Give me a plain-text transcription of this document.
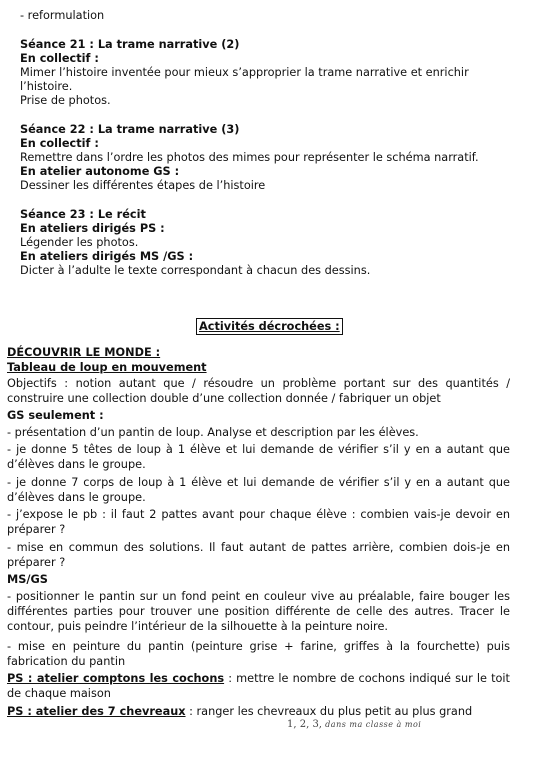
- reformulation
Séance 21 : La trame narrative (2)
En collectif :
Mimer l’histoire inventée pour mieux s’approprier la trame narrative et enrichir
l’histoire.
Prise de photos.
Séance 22 : La trame narrative (3)
En collectif :
Remettre dans l’ordre les photos des mimes pour représenter le schéma narratif.
En atelier autonome GS :
Dessiner les différentes étapes de l’histoire
Séance 23 : Le récit
En ateliers dirigés PS :
Légender les photos.
En ateliers dirigés MS /GS :
Dicter à l’adulte le texte correspondant à chacun des dessins.
Activités décrochées :
DÉCOUVRIR LE MONDE :
Tableau de loup en mouvement
Objectifs : notion autant que / résoudre un problème portant sur des quantités / construire une collection double d’une collection donnée / fabriquer un objet
GS seulement :
- présentation d’un pantin de loup. Analyse et description par les élèves.
- je donne 5 têtes de loup à 1 élève et lui demande de vérifier s’il y en a autant que d’élèves dans le groupe.
- je donne 7 corps de loup à 1 élève et lui demande de vérifier s’il y en a autant que d’élèves dans le groupe.
- j’expose le pb : il faut 2 pattes avant pour chaque élève : combien vais-je devoir en préparer ?
- mise en commun des solutions. Il faut autant de pattes arrière, combien dois-je en préparer ?
MS/GS
- positionner le pantin sur un fond peint en couleur vive au préalable, faire bouger les différentes parties pour trouver une position différente de celle des autres. Tracer le contour, puis peindre l’intérieur de la silhouette à la peinture noire.
- mise en peinture du pantin (peinture grise + farine, griffes à la fourchette) puis fabrication du pantin
PS : atelier comptons les cochons : mettre le nombre de cochons indiqué sur le toit de chaque maison
PS : atelier des 7 chevreaux : ranger les chevreaux du plus petit au plus grand
1, 2, 3, dans ma classe à moi
